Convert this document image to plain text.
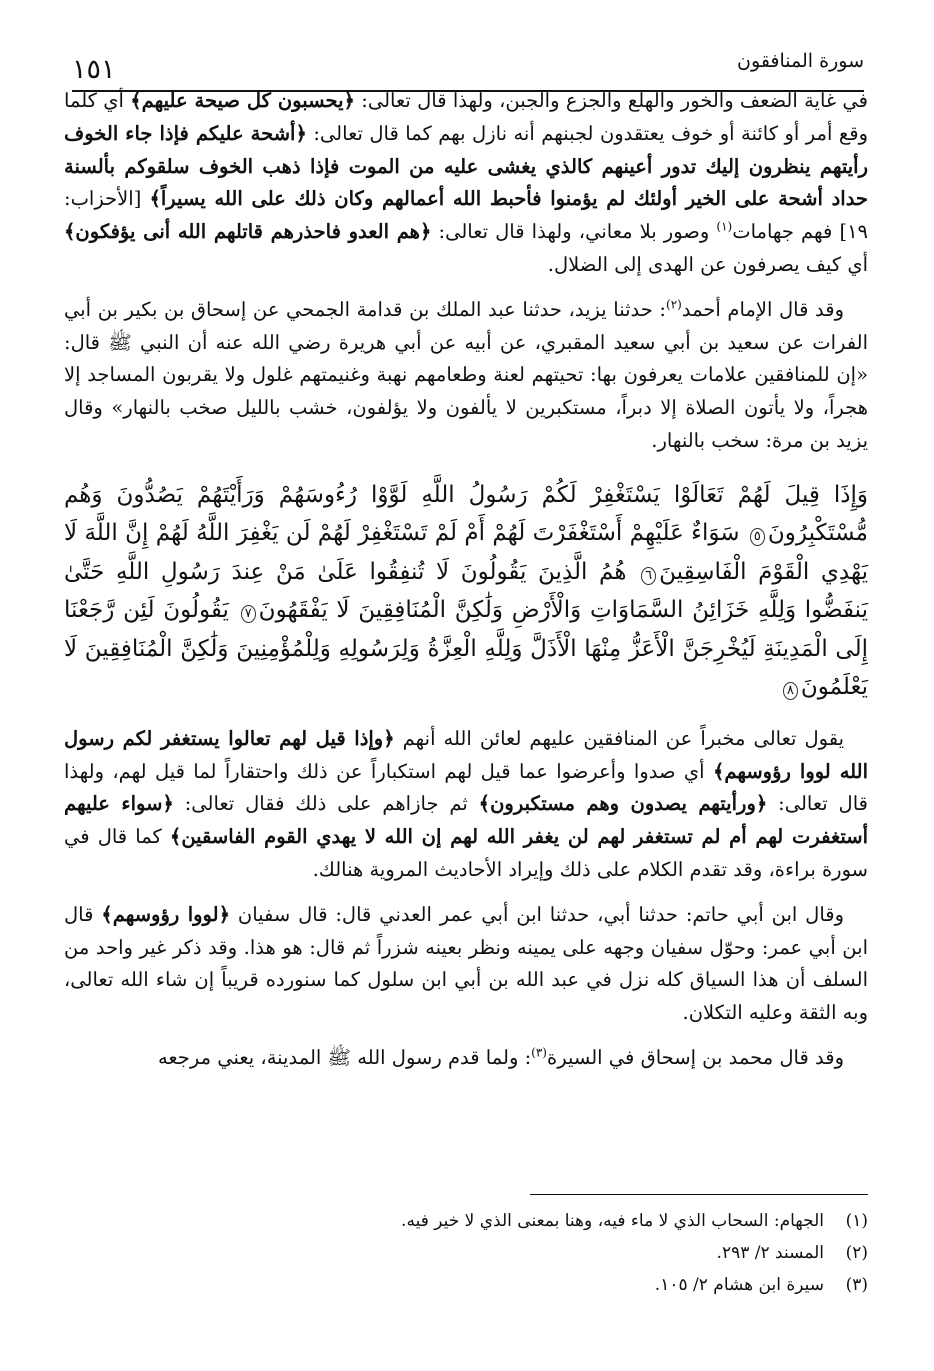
١٥١	سورة المنافقون

في غاية الضعف والخور والهلع والجزع والجبن، ولهذا قال تعالى: ﴿يحسبون كل صيحة عليهم﴾ أي كلما وقع أمر أو كائنة أو خوف يعتقدون لجبنهم أنه نازل بهم كما قال تعالى: ﴿أشحة عليكم فإذا جاء الخوف رأيتهم ينظرون إليك تدور أعينهم كالذي يغشى عليه من الموت فإذا ذهب الخوف سلقوكم بألسنة حداد أشحة على الخير أولئك لم يؤمنوا فأحبط الله أعمالهم وكان ذلك على الله يسيراً﴾ [الأحزاب: ١٩] فهم جهامات$^{(١)}$ وصور بلا معاني، ولهذا قال تعالى: ﴿هم العدو فاحذرهم قاتلهم الله أنى يؤفكون﴾ أي كيف يصرفون عن الهدى إلى الضلال.

وقد قال الإمام أحمد$^{(٢)}$: حدثنا يزيد، حدثنا عبد الملك بن قدامة الجمحي عن إسحاق بن بكير بن أبي الفرات عن سعيد بن أبي سعيد المقبري، عن أبيه عن أبي هريرة رضي الله عنه أن النبي ﷺ قال: «إن للمنافقين علامات يعرفون بها: تحيتهم لعنة وطعامهم نهبة وغنيمتهم غلول ولا يقربون المساجد إلا هجراً، ولا يأتون الصلاة إلا دبراً، مستكبرين لا يألفون ولا يؤلفون، خشب بالليل صخب بالنهار» وقال يزيد بن مرة: سخب بالنهار.

وَإِذَا قِيلَ لَهُمْ تَعَالَوْا يَسْتَغْفِرْ لَكُمْ رَسُولُ اللَّهِ لَوَّوْا رُءُوسَهُمْ وَرَأَيْتَهُمْ يَصُدُّونَ وَهُم مُّسْتَكْبِرُونَ٥ سَوَاءٌ عَلَيْهِمْ أَسْتَغْفَرْتَ لَهُمْ أَمْ لَمْ تَسْتَغْفِرْ لَهُمْ لَن يَغْفِرَ اللَّهُ لَهُمْ إِنَّ اللَّهَ لَا يَهْدِي الْقَوْمَ الْفَاسِقِينَ٦ هُمُ الَّذِينَ يَقُولُونَ لَا تُنفِقُوا عَلَىٰ مَنْ عِندَ رَسُولِ اللَّهِ حَتَّىٰ يَنفَضُّوا وَلِلَّهِ خَزَائِنُ السَّمَاوَاتِ وَالْأَرْضِ وَلَٰكِنَّ الْمُنَافِقِينَ لَا يَفْقَهُونَ٧ يَقُولُونَ لَئِن رَّجَعْنَا إِلَى الْمَدِينَةِ لَيُخْرِجَنَّ الْأَعَزُّ مِنْهَا الْأَذَلَّ وَلِلَّهِ الْعِزَّةُ وَلِرَسُولِهِ وَلِلْمُؤْمِنِينَ وَلَٰكِنَّ الْمُنَافِقِينَ لَا يَعْلَمُونَ٨

يقول تعالى مخبراً عن المنافقين عليهم لعائن الله أنهم ﴿وإذا قيل لهم تعالوا يستغفر لكم رسول الله لووا رؤوسهم﴾ أي صدوا وأعرضوا عما قيل لهم استكباراً عن ذلك واحتقاراً لما قيل لهم، ولهذا قال تعالى: ﴿ورأيتهم يصدون وهم مستكبرون﴾ ثم جازاهم على ذلك فقال تعالى: ﴿سواء عليهم أستغفرت لهم أم لم تستغفر لهم لن يغفر الله لهم إن الله لا يهدي القوم الفاسقين﴾ كما قال في سورة براءة، وقد تقدم الكلام على ذلك وإيراد الأحاديث المروية هنالك.

وقال ابن أبي حاتم: حدثنا أبي، حدثنا ابن أبي عمر العدني قال: قال سفيان ﴿لووا رؤوسهم﴾ قال ابن أبي عمر: وحوّل سفيان وجهه على يمينه ونظر بعينه شزراً ثم قال: هو هذا. وقد ذكر غير واحد من السلف أن هذا السياق كله نزل في عبد الله بن أبي ابن سلول كما سنورده قريباً إن شاء الله تعالى، وبه الثقة وعليه التكلان.

وقد قال محمد بن إسحاق في السيرة$^{(٣)}$: ولما قدم رسول الله ﷺ المدينة، يعني مرجعه

(١)
الجهام: السحاب الذي لا ماء فيه، وهنا بمعنى الذي لا خير فيه.
(٢)
المسند ٢/ ٢٩٣.
(٣)
سيرة ابن هشام ٢/ ١٠٥.
